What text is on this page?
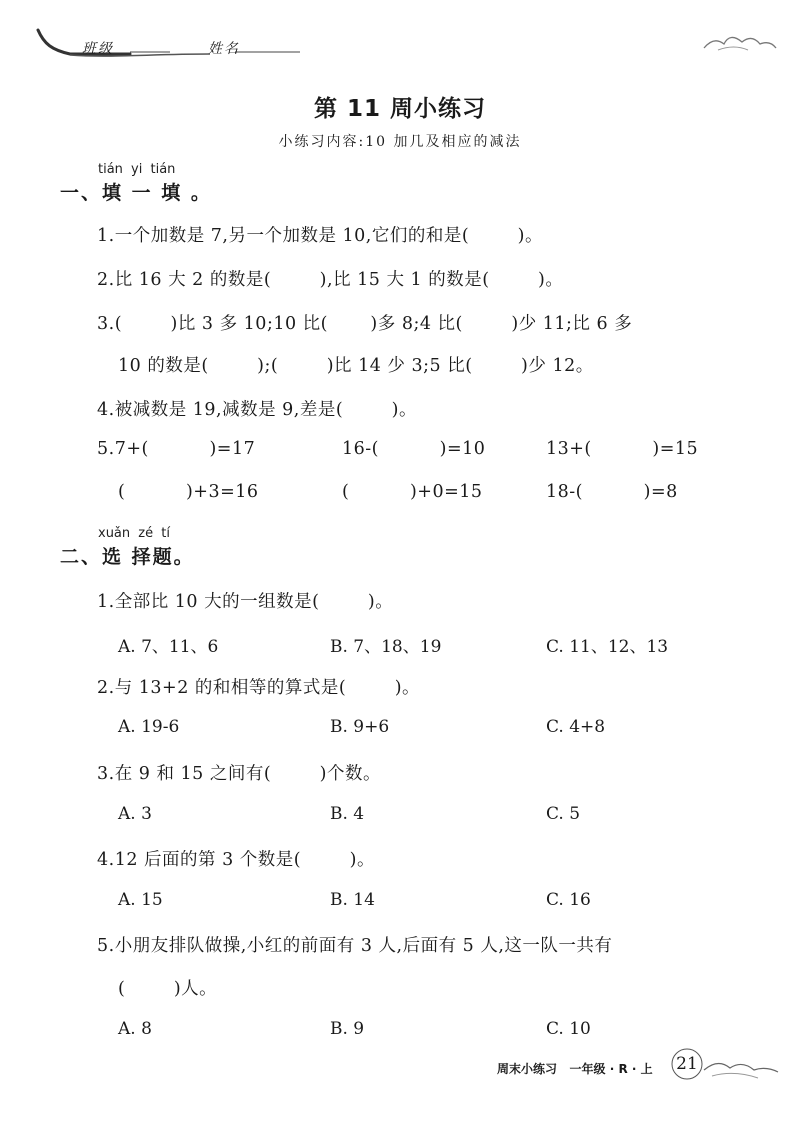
班级	姓名
第 11 周小练习
小练习内容:10 加几及相应的减法
tián yi tián
一、填 一 填 。
1.一个加数是 7,另一个加数是 10,它们的和是(        )。
2.比 16 大 2 的数是(        ),比 15 大 1 的数是(        )。
3.(        )比 3 多 10;10 比(       )多 8;4 比(        )少 11;比 6 多
10 的数是(        );(        )比 14 少 3;5 比(        )少 12。
4.被减数是 19,减数是 9,差是(        )。
5.7+(          )=17	16-(          )=10	13+(          )=15
(          )+3=16	(          )+0=15	18-(          )=8
xuǎn zé tí
二、选 择题。
1.全部比 10 大的一组数是(        )。
A. 7、11、6	B. 7、18、19	C. 11、12、13
2.与 13+2 的和相等的算式是(        )。
A. 19-6	B. 9+6	C. 4+8
3.在 9 和 15 之间有(        )个数。
A. 3	B. 4	C. 5
4.12 后面的第 3 个数是(        )。
A. 15	B. 14	C. 16
5.小朋友排队做操,小红的前面有 3 人,后面有 5 人,这一队一共有
(        )人。
A. 8	B. 9	C. 10
周末小练习   一年级 · R · 上 21
